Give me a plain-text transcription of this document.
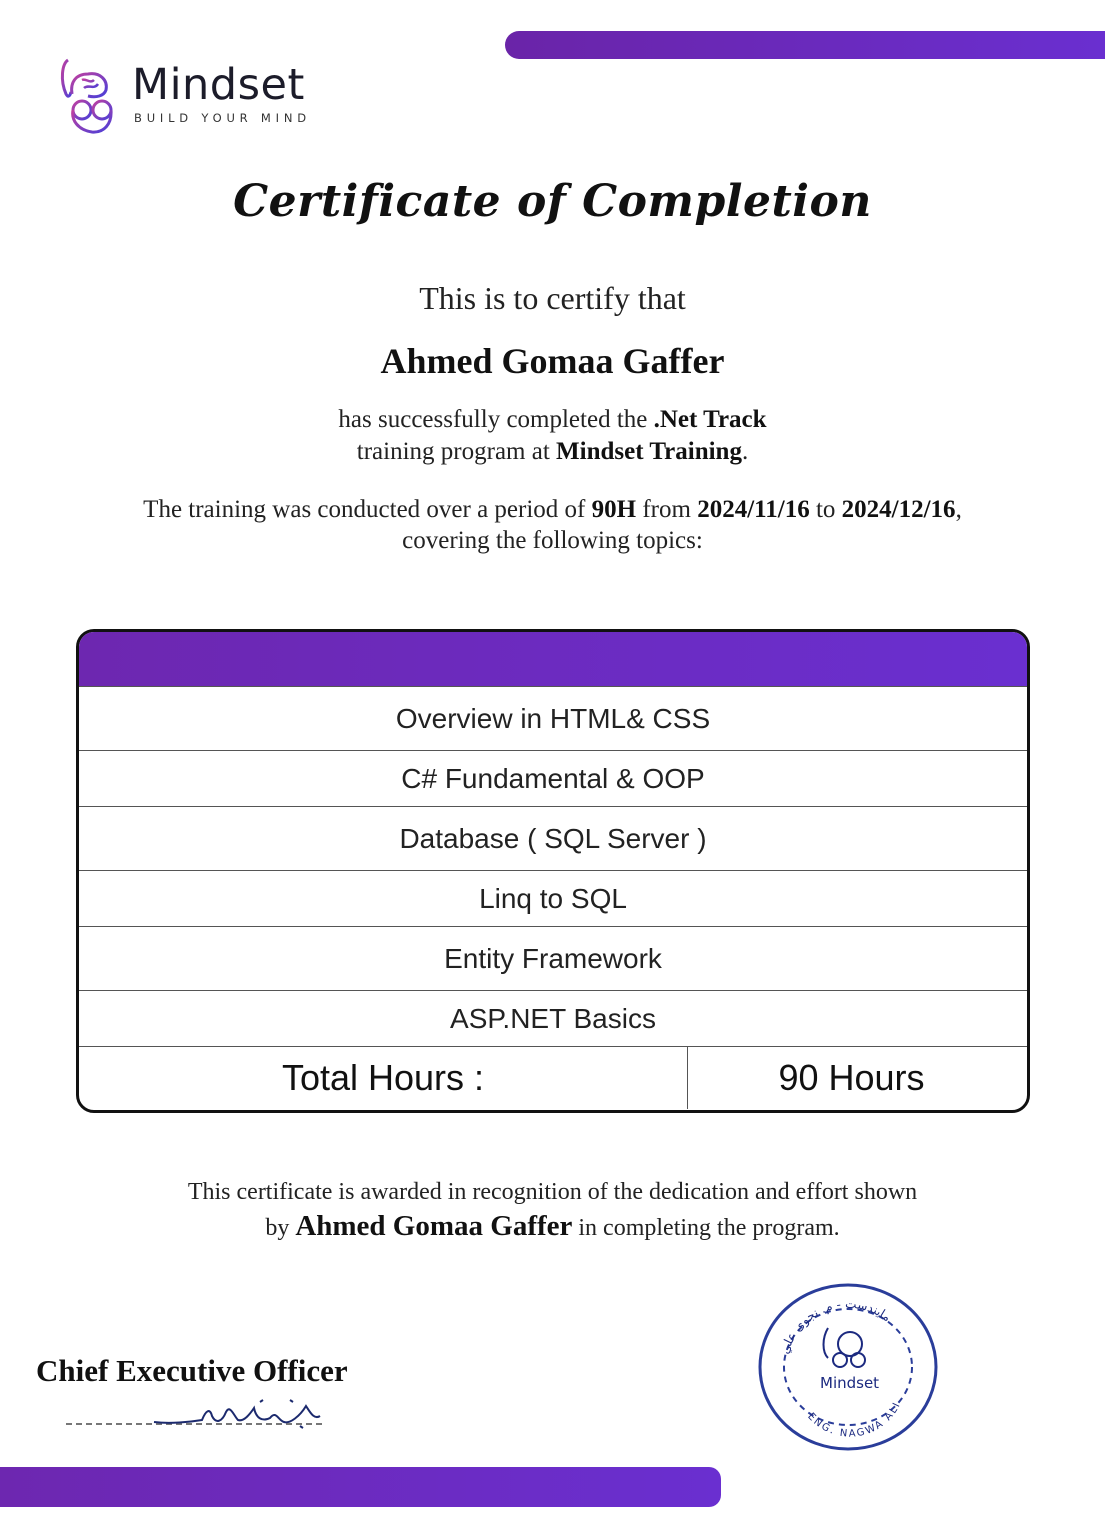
Mindset
BUILD YOUR MIND
Certificate of Completion
This is to certify that
Ahmed Gomaa Gaffer
has successfully completed the .Net Track
training program at Mindset Training.
The training was conducted over a period of 90H from 2024/11/16 to 2024/12/16,
covering the following topics:
Overview in HTML& CSS
C# Fundamental & OOP
Database ( SQL Server )
Linq to SQL
Entity Framework
ASP.NET Basics
Total Hours :	90 Hours
This certificate is awarded in recognition of the dedication and effort shown
by Ahmed Gomaa Gaffer in completing the program.
Chief Executive Officer
مايندست - م. نجوى علي
ENG. NAGWA ALI
Mindset
